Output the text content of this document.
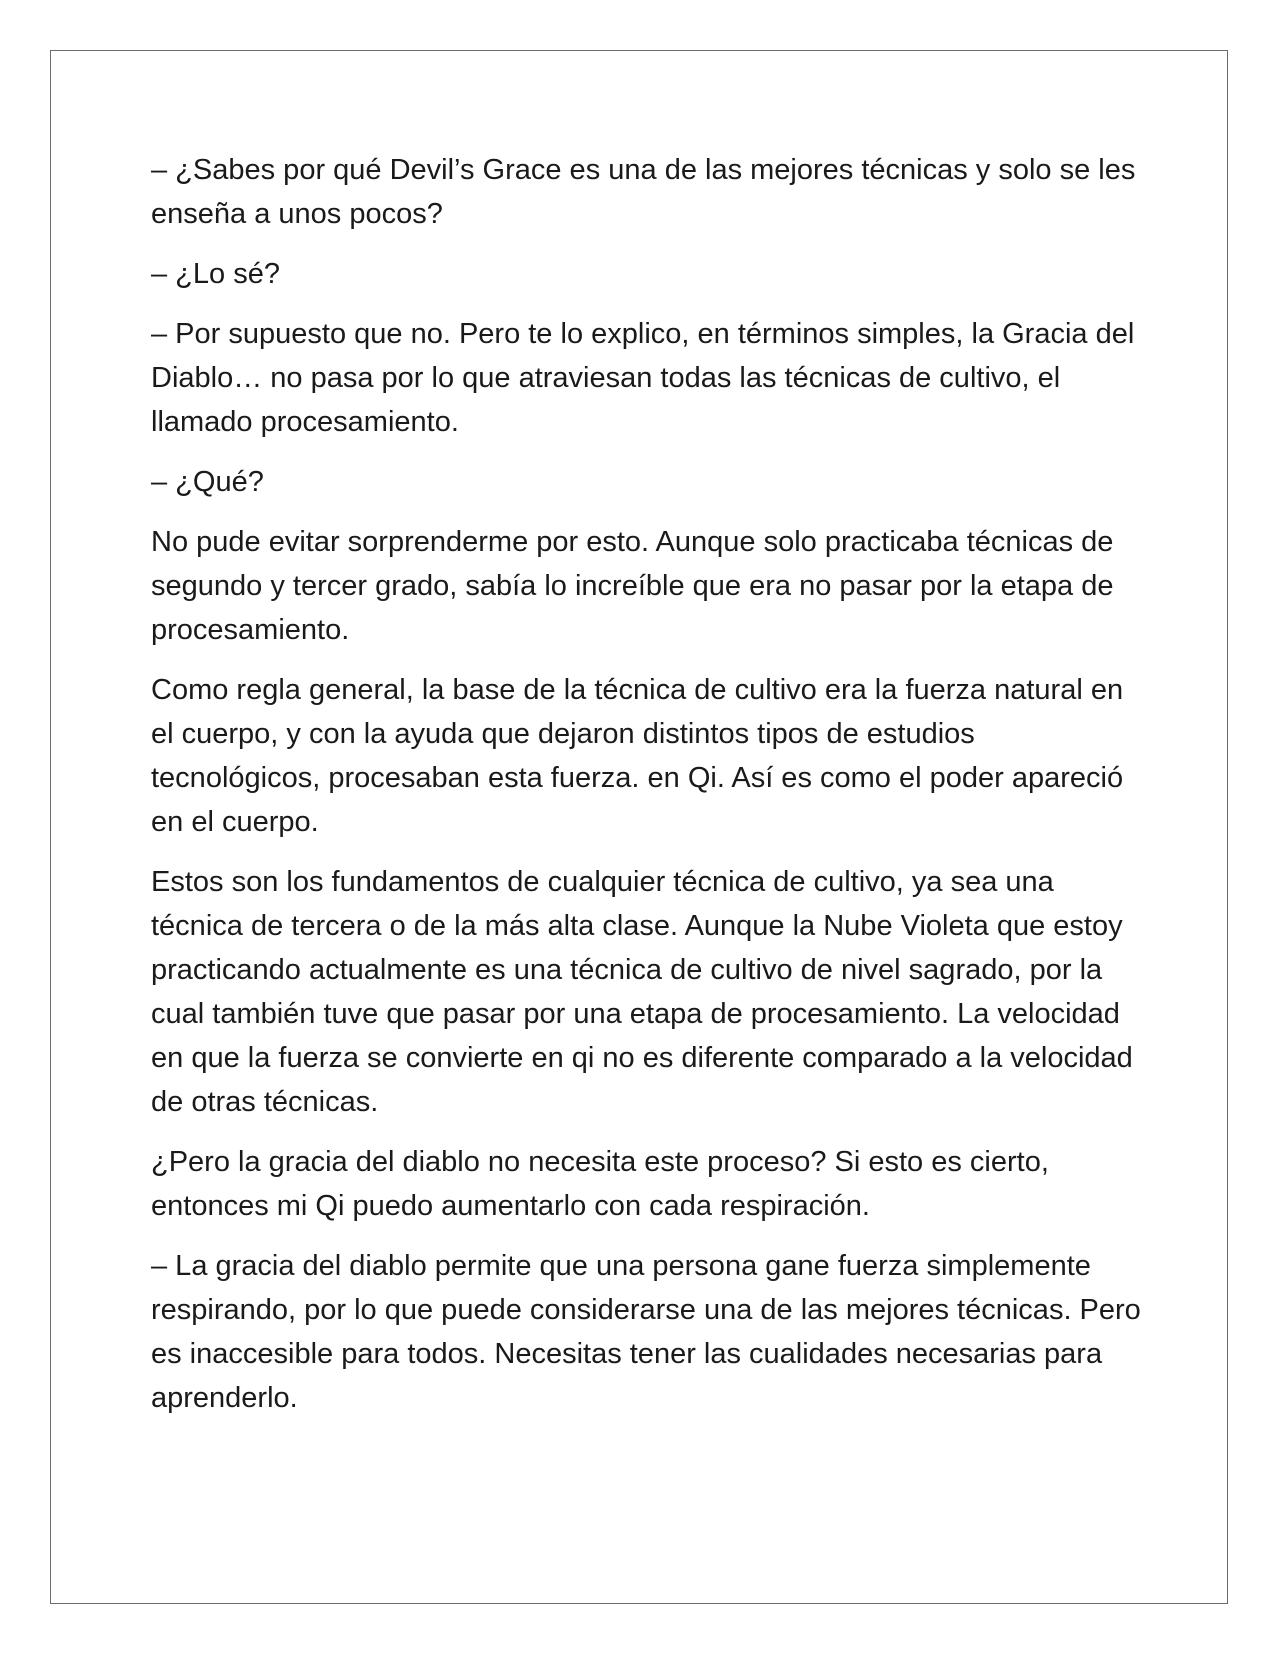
– ¿Sabes por qué Devil’s Grace es una de las mejores técnicas y solo se les enseña a unos pocos?

– ¿Lo sé?

– Por supuesto que no. Pero te lo explico, en términos simples, la Gracia del Diablo… no pasa por lo que atraviesan todas las técnicas de cultivo, el llamado procesamiento.

– ¿Qué?

No pude evitar sorprenderme por esto. Aunque solo practicaba técnicas de segundo y tercer grado, sabía lo increíble que era no pasar por la etapa de procesamiento.

Como regla general, la base de la técnica de cultivo era la fuerza natural en el cuerpo, y con la ayuda que dejaron distintos tipos de estudios tecnológicos, procesaban esta fuerza. en Qi. Así es como el poder apareció en el cuerpo.

Estos son los fundamentos de cualquier técnica de cultivo, ya sea una técnica de tercera o de la más alta clase. Aunque la Nube Violeta que estoy practicando actualmente es una técnica de cultivo de nivel sagrado, por la cual también tuve que pasar por una etapa de procesamiento. La velocidad en que la fuerza se convierte en qi no es diferente comparado a la velocidad de otras técnicas.

¿Pero la gracia del diablo no necesita este proceso? Si esto es cierto, entonces mi Qi puedo aumentarlo con cada respiración.

– La gracia del diablo permite que una persona gane fuerza simplemente respirando, por lo que puede considerarse una de las mejores técnicas. Pero es inaccesible para todos. Necesitas tener las cualidades necesarias para aprenderlo.
